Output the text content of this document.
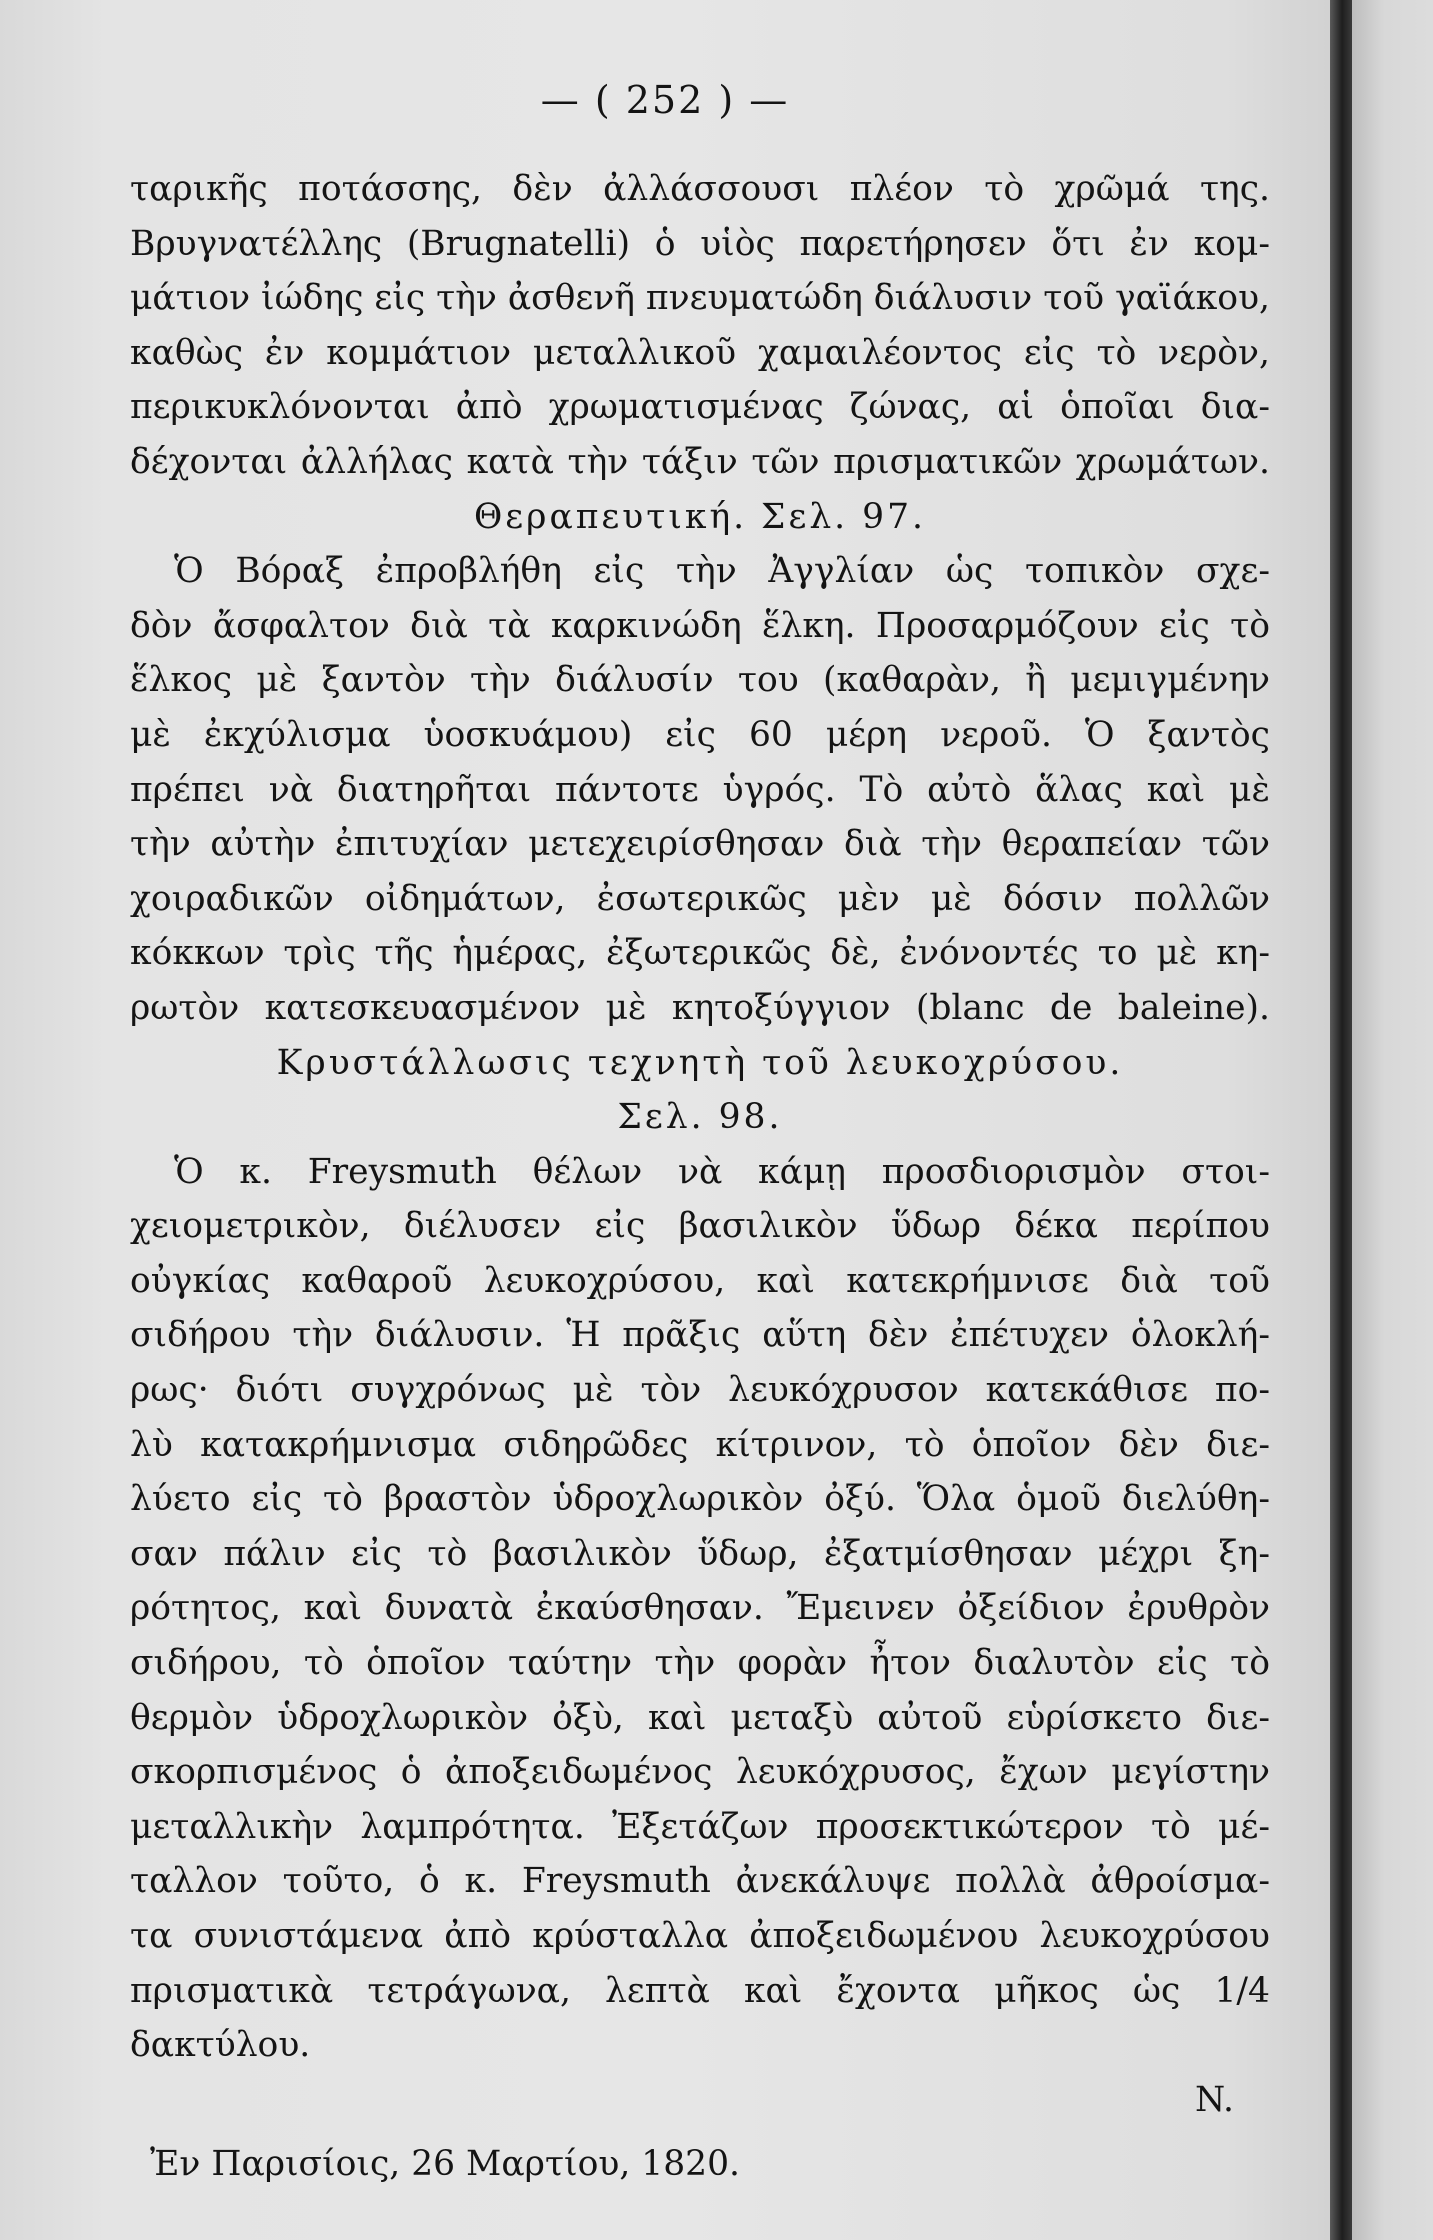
— ( 252 ) —
ταρικῆς ποτάσσης, δὲν ἀλλάσσουσι πλέον τὸ χρῶμά της.
Βρυγνατέλλης (Brugnatelli) ὁ υἱὸς παρετήρησεν ὅτι ἐν κομ-
μάτιον ἰώδης εἰς τὴν ἀσθενῆ πνευματώδη διάλυσιν τοῦ γαϊάκου,
καθὼς ἐν κομμάτιον μεταλλικοῦ χαμαιλέοντος εἰς τὸ νερὸν,
περικυκλόνονται ἀπὸ χρωματισμένας ζώνας, αἱ ὁποῖαι δια-
δέχονται ἀλλήλας κατὰ τὴν τάξιν τῶν πρισματικῶν χρωμάτων.
Θεραπευτική. Σελ. 97.
Ὁ Βόραξ ἐπροβλήθη εἰς τὴν Ἀγγλίαν ὡς τοπικὸν σχε-
δὸν ἄσφαλτον διὰ τὰ καρκινώδη ἕλκη. Προσαρμόζουν εἰς τὸ
ἕλκος μὲ ξαντὸν τὴν διάλυσίν του (καθαρὰν, ἢ μεμιγμένην
μὲ ἐκχύλισμα ὑοσκυάμου) εἰς 60 μέρη νεροῦ. Ὁ ξαντὸς
πρέπει νὰ διατηρῆται πάντοτε ὑγρός. Τὸ αὐτὸ ἅλας καὶ μὲ
τὴν αὐτὴν ἐπιτυχίαν μετεχειρίσθησαν διὰ τὴν θεραπείαν τῶν
χοιραδικῶν οἰδημάτων, ἐσωτερικῶς μὲν μὲ δόσιν πολλῶν
κόκκων τρὶς τῆς ἡμέρας, ἐξωτερικῶς δὲ, ἐνόνοντές το μὲ κη-
ρωτὸν κατεσκευασμένον μὲ κητοξύγγιον (blanc de baleine).
Κρυστάλλωσις τεχνητὴ τοῦ λευκοχρύσου.
Σελ. 98.
Ὁ κ. Freysmuth θέλων νὰ κάμῃ προσδιορισμὸν στοι-
χειομετρικὸν, διέλυσεν εἰς βασιλικὸν ὕδωρ δέκα περίπου
οὐγκίας καθαροῦ λευκοχρύσου, καὶ κατεκρήμνισε διὰ τοῦ
σιδήρου τὴν διάλυσιν. Ἡ πρᾶξις αὕτη δὲν ἐπέτυχεν ὁλοκλή-
ρως· διότι συγχρόνως μὲ τὸν λευκόχρυσον κατεκάθισε πο-
λὺ κατακρήμνισμα σιδηρῶδες κίτρινον, τὸ ὁποῖον δὲν διε-
λύετο εἰς τὸ βραστὸν ὑδροχλωρικὸν ὀξύ. Ὅλα ὁμοῦ διελύθη-
σαν πάλιν εἰς τὸ βασιλικὸν ὕδωρ, ἐξατμίσθησαν μέχρι ξη-
ρότητος, καὶ δυνατὰ ἐκαύσθησαν. Ἔμεινεν ὀξείδιον ἐρυθρὸν
σιδήρου, τὸ ὁποῖον ταύτην τὴν φορὰν ἦτον διαλυτὸν εἰς τὸ
θερμὸν ὑδροχλωρικὸν ὀξὺ, καὶ μεταξὺ αὐτοῦ εὑρίσκετο διε-
σκορπισμένος ὁ ἀποξειδωμένος λευκόχρυσος, ἔχων μεγίστην
μεταλλικὴν λαμπρότητα. Ἐξετάζων προσεκτικώτερον τὸ μέ-
ταλλον τοῦτο, ὁ κ. Freysmuth ἀνεκάλυψε πολλὰ ἀθροίσμα-
τα συνιστάμενα ἀπὸ κρύσταλλα ἀποξειδωμένου λευκοχρύσου
πρισματικὰ τετράγωνα, λεπτὰ καὶ ἔχοντα μῆκος ὡς 1/4
δακτύλου.
N.
Ἐν Παρισίοις, 26 Μαρτίου, 1820.
